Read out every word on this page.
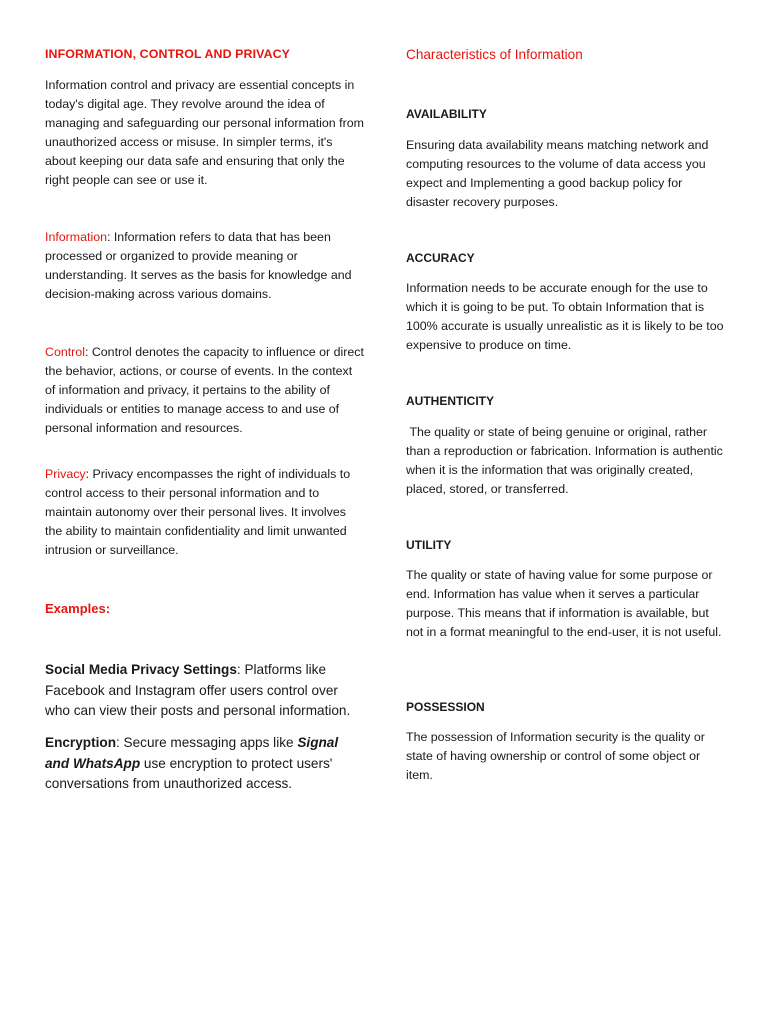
INFORMATION, CONTROL AND PRIVACY

Information control and privacy are essential concepts in today's digital age. They revolve around the idea of managing and safeguarding our personal information from unauthorized access or misuse. In simpler terms, it's about keeping our data safe and ensuring that only the right people can see or use it.

Information: Information refers to data that has been processed or organized to provide meaning or understanding. It serves as the basis for knowledge and decision-making across various domains.

Control: Control denotes the capacity to influence or direct the behavior, actions, or course of events. In the context of information and privacy, it pertains to the ability of individuals or entities to manage access to and use of personal information and resources.

Privacy: Privacy encompasses the right of individuals to control access to their personal information and to maintain autonomy over their personal lives. It involves the ability to maintain confidentiality and limit unwanted intrusion or surveillance.

Examples:

Social Media Privacy Settings: Platforms like Facebook and Instagram offer users control over who can view their posts and personal information.

Encryption: Secure messaging apps like Signal and WhatsApp use encryption to protect users' conversations from unauthorized access.

Characteristics of Information

AVAILABILITY

Ensuring data availability means matching network and computing resources to the volume of data access you expect and Implementing a good backup policy for disaster recovery purposes.

ACCURACY

Information needs to be accurate enough for the use to which it is going to be put. To obtain Information that is 100% accurate is usually unrealistic as it is likely to be too expensive to produce on time.

AUTHENTICITY

The quality or state of being genuine or original, rather than a reproduction or fabrication. Information is authentic when it is the information that was originally created, placed, stored, or transferred.

UTILITY

The quality or state of having value for some purpose or end. Information has value when it serves a particular purpose. This means that if information is available, but not in a format meaningful to the end-user, it is not useful.

POSSESSION

The possession of Information security is the quality or state of having ownership or control of some object or item.
